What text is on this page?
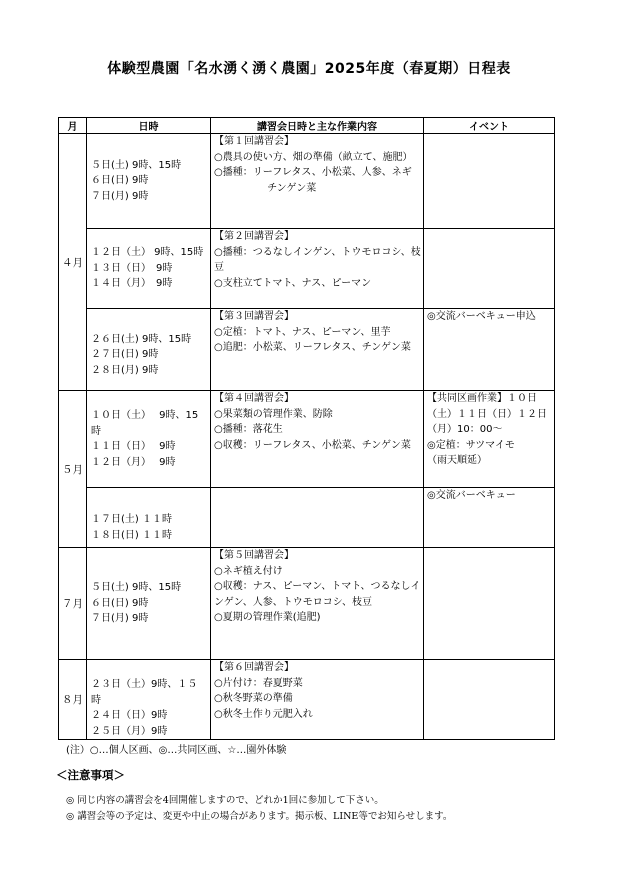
体験型農園「名水湧く湧く農園」2025年度（春夏期）日程表
月	日時	講習会日時と主な作業内容	イベント
４月	５日(土) 9時、15時
６日(日) 9時
７日(月) 9時	【第１回講習会】
○農具の使い方、畑の準備（畝立て、施肥）
○播種：リーフレタス、小松菜、人参、ネギ
　　　　　 チンゲン菜	

	１２日（土） 9時、15時
１３日（日）　9時
１４日（月）　9時	【第２回講習会】
○播種：つるなしインゲン、トウモロコシ、枝豆
○支柱立てトマト、ナス、ピーマン	

	２６日(土) 9時、15時
２７日(日) 9時
２８日(月) 9時	【第３回講習会】
○定植：トマト、ナス、ピーマン、里芋
○追肥：小松菜、リーフレタス、チンゲン菜	◎交流バーベキュー申込

５月	１０日（土）　 9時、15時
１１日（日）　 9時
１２日（月）　 9時	【第４回講習会】
○果菜類の管理作業、防除
○播種：落花生
○収穫：リーフレタス、小松菜、チンゲン菜	【共同区画作業】１０日（土）１１日（日）１２日（月）10：00～
◎定植：サツマイモ
（雨天順延）

	１７日(土) １１時
１８日(日) １１時		◎交流バーベキュー

７月	５日(土) 9時、15時
６日(日) 9時
７日(月) 9時	【第５回講習会】
○ネギ植え付け
○収穫：ナス、ピーマン、トマト、つるなしインゲン、人参、トウモロコシ、枝豆
○夏期の管理作業(追肥)	

８月	２３日（土）9時、１５時
２４日（日）9時
２５日（月）9時	【第６回講習会】
○片付け：春夏野菜
○秋冬野菜の準備
○秋冬土作り元肥入れ	

(注）○…個人区画、◎…共同区画、☆…園外体験
＜注意事項＞
◎ 同じ内容の講習会を4回開催しますので、どれか1回に参加して下さい。
◎ 講習会等の予定は、変更や中止の場合があります。掲示板、LINE等でお知らせします。
